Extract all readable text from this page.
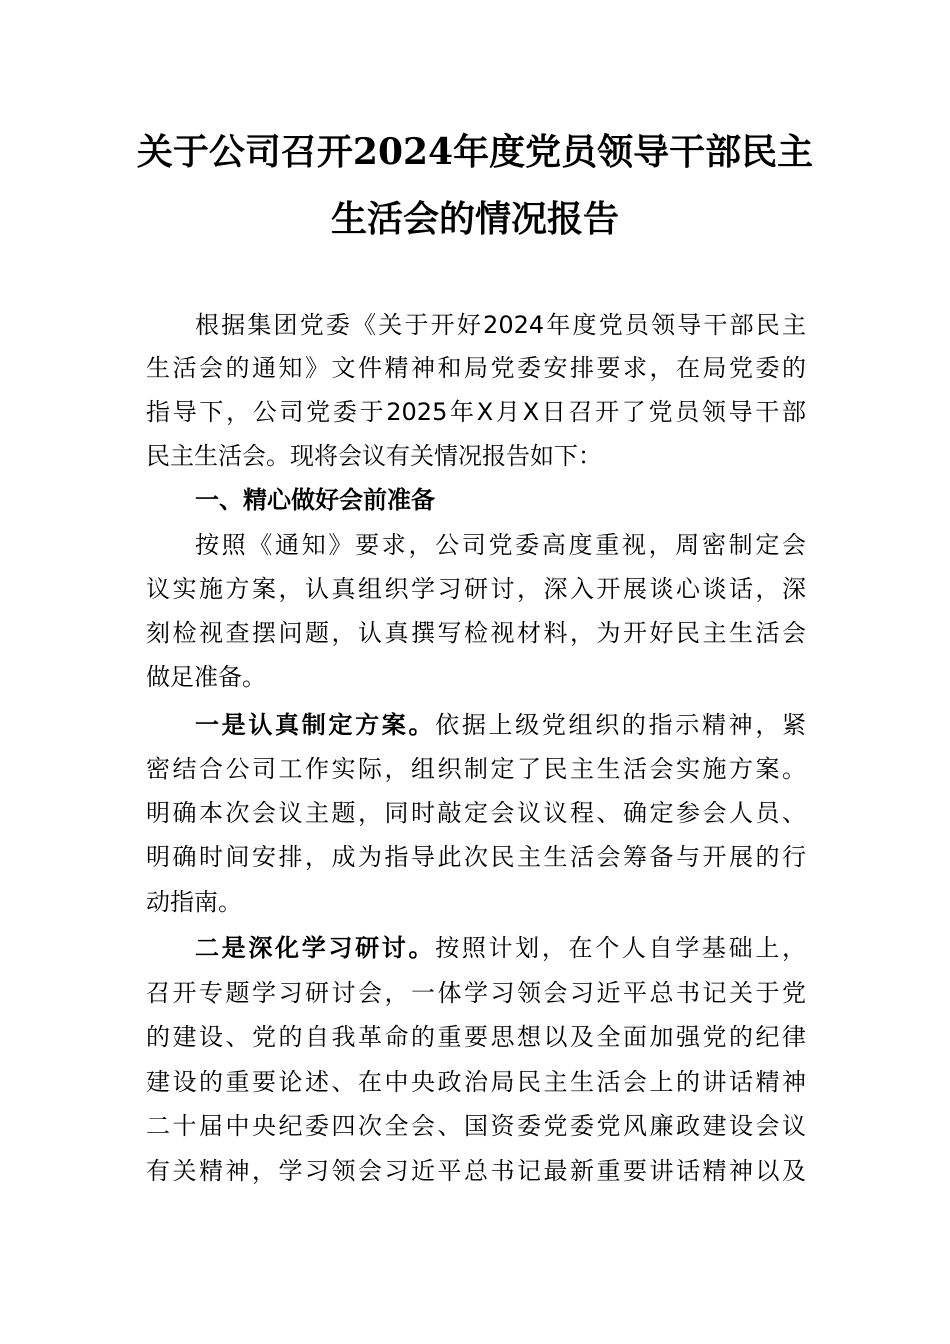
关于公司召开2024年度党员领导干部民主
生活会的情况报告
根据集团党委《关于开好2024年度党员领导干部民主
生活会的通知》文件精神和局党委安排要求，在局党委的
指导下，公司党委于2025年X月X日召开了党员领导干部
民主生活会。现将会议有关情况报告如下：
一、精心做好会前准备
按照《通知》要求，公司党委高度重视，周密制定会
议实施方案，认真组织学习研讨，深入开展谈心谈话，深
刻检视查摆问题，认真撰写检视材料，为开好民主生活会
做足准备。
一是认真制定方案。依据上级党组织的指示精神，紧
密结合公司工作实际，组织制定了民主生活会实施方案。
明确本次会议主题，同时敲定会议议程、确定参会人员、
明确时间安排，成为指导此次民主生活会筹备与开展的行
动指南。
二是深化学习研讨。按照计划，在个人自学基础上，
召开专题学习研讨会，一体学习领会习近平总书记关于党
的建设、党的自我革命的重要思想以及全面加强党的纪律
建设的重要论述、在中央政治局民主生活会上的讲话精神
二十届中央纪委四次全会、国资委党委党风廉政建设会议
有关精神，学习领会习近平总书记最新重要讲话精神以及
